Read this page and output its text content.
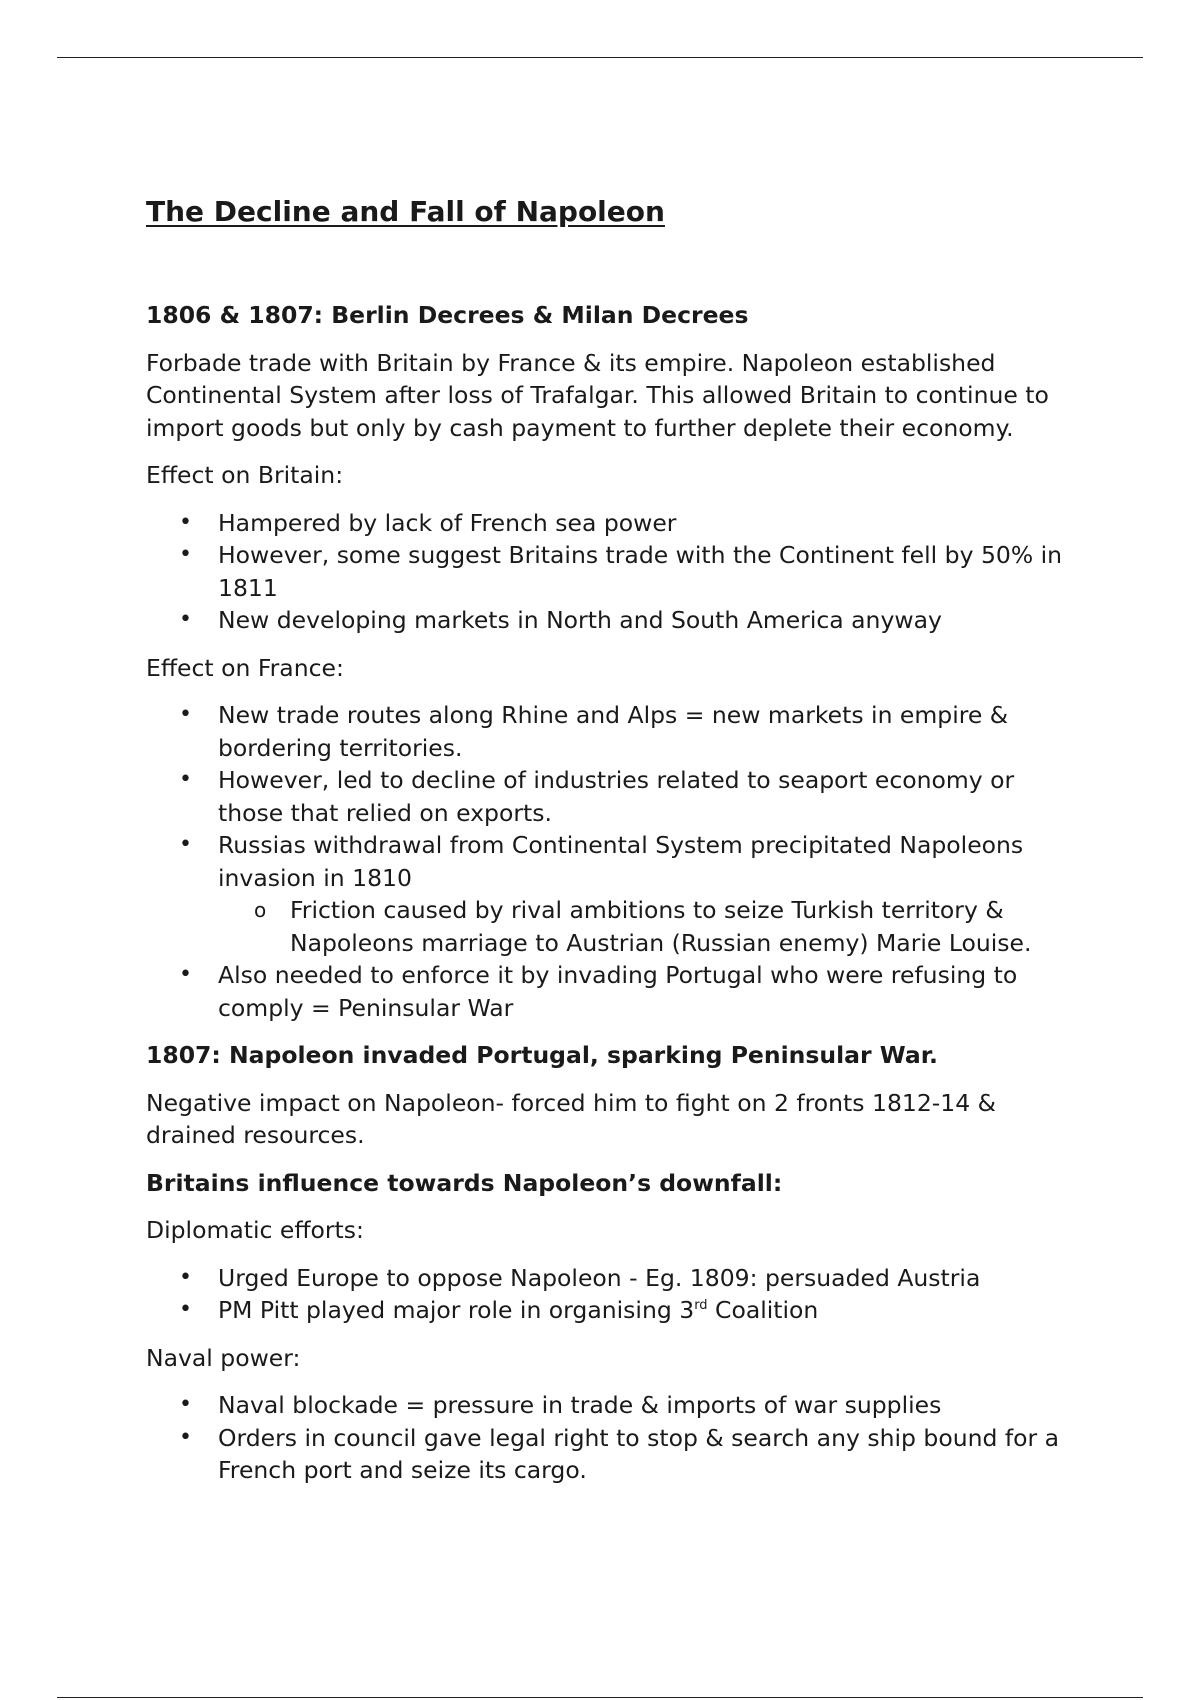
The Decline and Fall of Napoleon
1806 & 1807: Berlin Decrees & Milan Decrees

Forbade trade with Britain by France & its empire. Napoleon established Continental System after loss of Trafalgar. This allowed Britain to continue to import goods but only by cash payment to further deplete their economy.

Effect on Britain:

• Hampered by lack of French sea power
• However, some suggest Britains trade with the Continent fell by 50% in 1811
• New developing markets in North and South America anyway

Effect on France:

• New trade routes along Rhine and Alps = new markets in empire & bordering territories.
• However, led to decline of industries related to seaport economy or those that relied on exports.
• Russias withdrawal from Continental System precipitated Napoleons invasion in 1810
o Friction caused by rival ambitions to seize Turkish territory & Napoleons marriage to Austrian (Russian enemy) Marie Louise.
• Also needed to enforce it by invading Portugal who were refusing to comply = Peninsular War
1807: Napoleon invaded Portugal, sparking Peninsular War.

Negative impact on Napoleon- forced him to fight on 2 fronts 1812-14 & drained resources.

Britains influence towards Napoleon’s downfall:

Diplomatic efforts:

• Urged Europe to oppose Napoleon - Eg. 1809: persuaded Austria
• PM Pitt played major role in organising 3rd Coalition

Naval power:

• Naval blockade = pressure in trade & imports of war supplies
• Orders in council gave legal right to stop & search any ship bound for a French port and seize its cargo.
